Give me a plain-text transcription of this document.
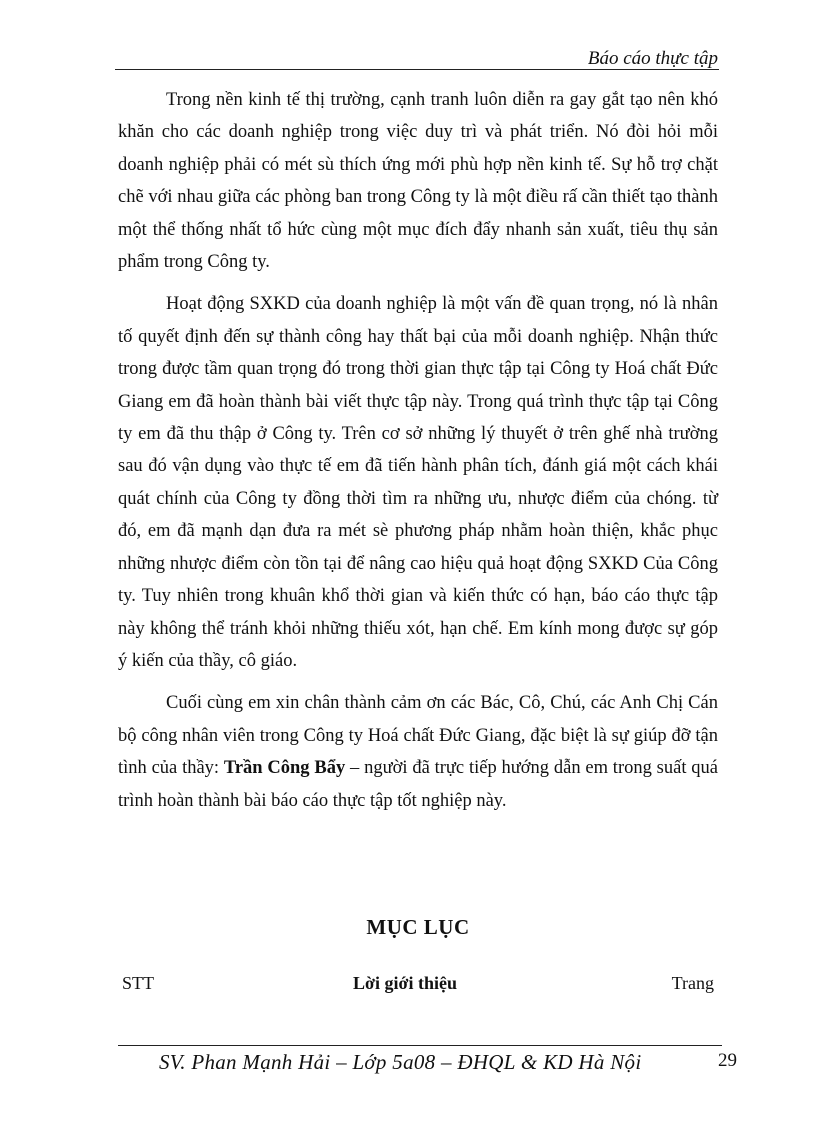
Báo cáo thực tập

Trong nền kinh tế thị trường, cạnh tranh luôn diễn ra gay gắt tạo nên khó khăn cho các doanh nghiệp trong việc duy trì và phát triển. Nó đòi hỏi mỗi doanh nghiệp phải có mét sù thích ứng mới phù hợp nền kinh tế. Sự hỗ trợ chặt chẽ với nhau giữa các phòng ban trong Công ty là một điều rấ cần thiết tạo thành một thể thống nhất tổ hức cùng một mục đích đẩy nhanh sản xuất, tiêu thụ sản phẩm trong Công ty.

Hoạt động SXKD của doanh nghiệp là một vấn đề quan trọng, nó là nhân tố quyết định đến sự thành công hay thất bại của mỗi doanh nghiệp. Nhận thức trong được tầm quan trọng đó trong thời gian thực tập tại Công ty Hoá chất Đức Giang em đã hoàn thành bài viết thực tập này. Trong quá trình thực tập tại Công ty em đã thu thập ở Công ty. Trên cơ sở những lý thuyết ở trên ghế nhà trường sau đó vận dụng vào thực tế em đã tiến hành phân tích, đánh giá một cách khái quát chính của Công ty đồng thời tìm ra những ưu, nhược điểm của chóng. từ đó, em đã mạnh dạn đưa ra mét sè phương pháp nhằm hoàn thiện, khắc phục những nhược điểm còn tồn tại để nâng cao hiệu quả hoạt động SXKD Của Công ty. Tuy nhiên trong khuân khổ thời gian và kiến thức có hạn, báo cáo thực tập này không thể tránh khỏi những thiếu xót, hạn chế. Em kính mong được sự góp ý kiến của thầy, cô giáo.

Cuối cùng em xin chân thành cảm ơn các Bác, Cô, Chú, các Anh Chị Cán bộ công nhân viên trong Công ty Hoá chất Đức Giang, đặc biệt là sự giúp đỡ tận tình của thầy: Trần Công Bẩy – người đã trực tiếp hướng dẫn em trong suất quá trình hoàn thành bài báo cáo thực tập tốt nghiệp này.

MỤC LỤC
STT	Lời giới thiệu	Trang
SV. Phan Mạnh Hải – Lớp 5a08 – ĐHQL & KD Hà Nội	29
